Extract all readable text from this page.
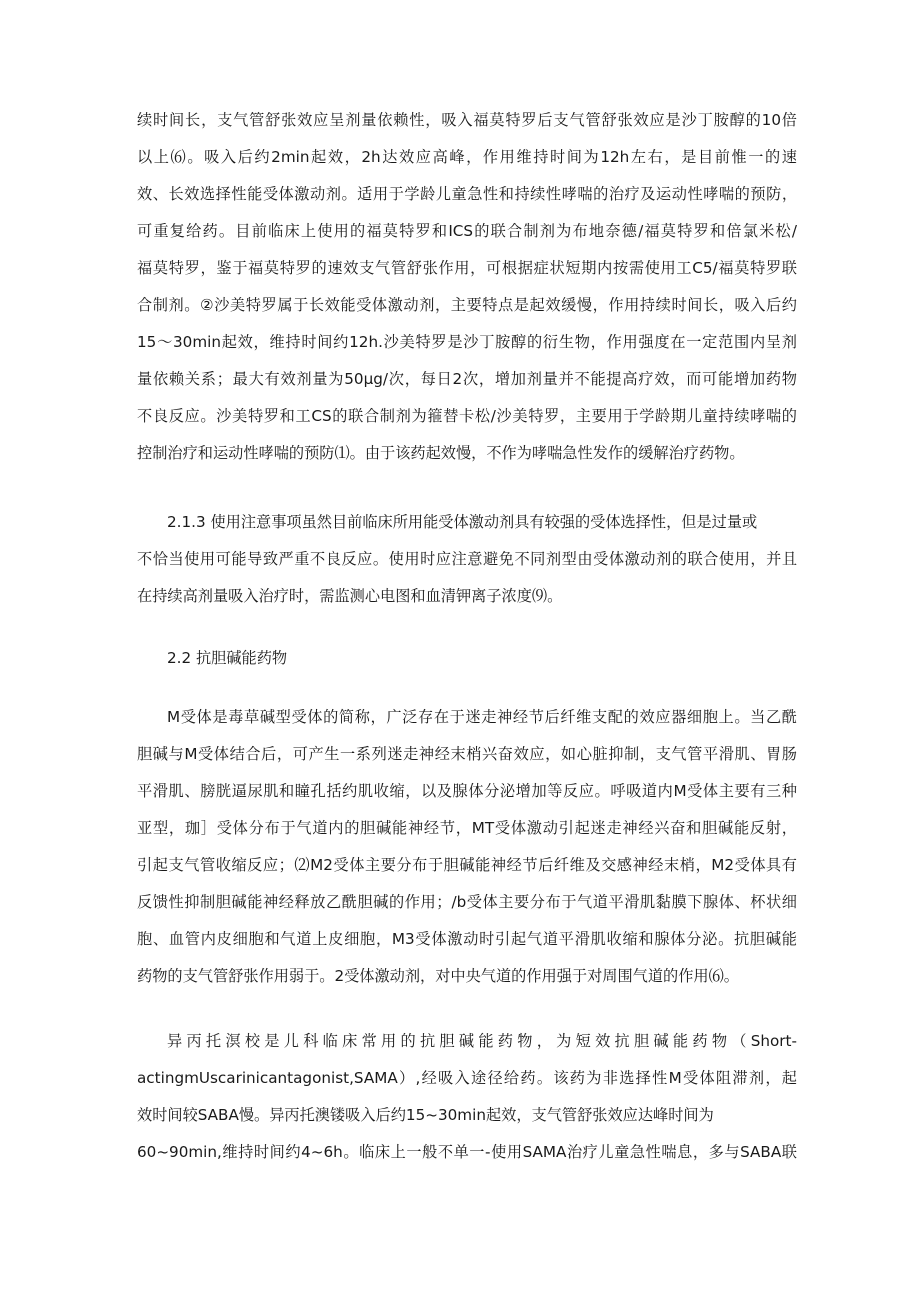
续时间长，支气管舒张效应呈剂量依赖性，吸入福莫特罗后支气管舒张效应是沙丁胺醇的10倍
以上⑹。吸入后约2min起效，2h达效应高峰，作用维持时间为12h左右，是目前惟一的速
效、长效选择性能受体激动剂。适用于学龄儿童急性和持续性哮喘的治疗及运动性哮喘的预防，
可重复给药。目前临床上使用的福莫特罗和ICS的联合制剂为布地奈德/福莫特罗和倍氯米松/
福莫特罗，鉴于福莫特罗的速效支气管舒张作用，可根据症状短期内按需使用工C5/福莫特罗联
合制剂。②沙美特罗属于长效能受体激动剂，主要特点是起效缓慢，作用持续时间长，吸入后约
15～30min起效，维持时间约12h.沙美特罗是沙丁胺醇的衍生物，作用强度在一定范围内呈剂
量依赖关系；最大有效剂量为50μg/次，每日2次，增加剂量并不能提高疗效，而可能增加药物
不良反应。沙美特罗和工CS的联合制剂为箍替卡松/沙美特罗，主要用于学龄期儿童持续哮喘的
控制治疗和运动性哮喘的预防⑴。由于该药起效慢，不作为哮喘急性发作的缓解治疗药物。
2.1.3 使用注意事项虽然目前临床所用能受体激动剂具有较强的受体选择性，但是过量或
不恰当使用可能导致严重不良反应。使用时应注意避免不同剂型由受体激动剂的联合使用，并且
在持续高剂量吸入治疗时，需监测心电图和血清钾离子浓度⑼。
2.2 抗胆碱能药物
M受体是毒草碱型受体的简称，广泛存在于迷走神经节后纤维支配的效应器细胞上。当乙酰
胆碱与M受体结合后，可产生一系列迷走神经末梢兴奋效应，如心脏抑制，支气管平滑肌、胃肠
平滑肌、膀胱逼尿肌和瞳孔括约肌收缩，以及腺体分泌增加等反应。呼吸道内M受体主要有三种
亚型，珈］受体分布于气道内的胆碱能神经节，MT受体激动引起迷走神经兴奋和胆碱能反射，
引起支气管收缩反应；⑵M2受体主要分布于胆碱能神经节后纤维及交感神经末梢，M2受体具有
反馈性抑制胆碱能神经释放乙酰胆碱的作用；/b受体主要分布于气道平滑肌黏膜下腺体、杯状细
胞、血管内皮细胞和气道上皮细胞，M3受体激动时引起气道平滑肌收缩和腺体分泌。抗胆碱能
药物的支气管舒张作用弱于。2受体激动剂，对中央气道的作用强于对周围气道的作用⑹。
异丙托溟校是儿科临床常用的抗胆碱能药物，为短效抗胆碱能药物（Short-
actingmUscarinicantagonist,SAMA）,经吸入途径给药。该药为非选择性M受体阻滞剂，起
效时间较SABA慢。异丙托澳镂吸入后约15~30min起效，支气管舒张效应达峰时间为
60~90min,维持时间约4~6h。临床上一般不单一-使用SAMA治疗儿童急性喘息，多与SABA联
